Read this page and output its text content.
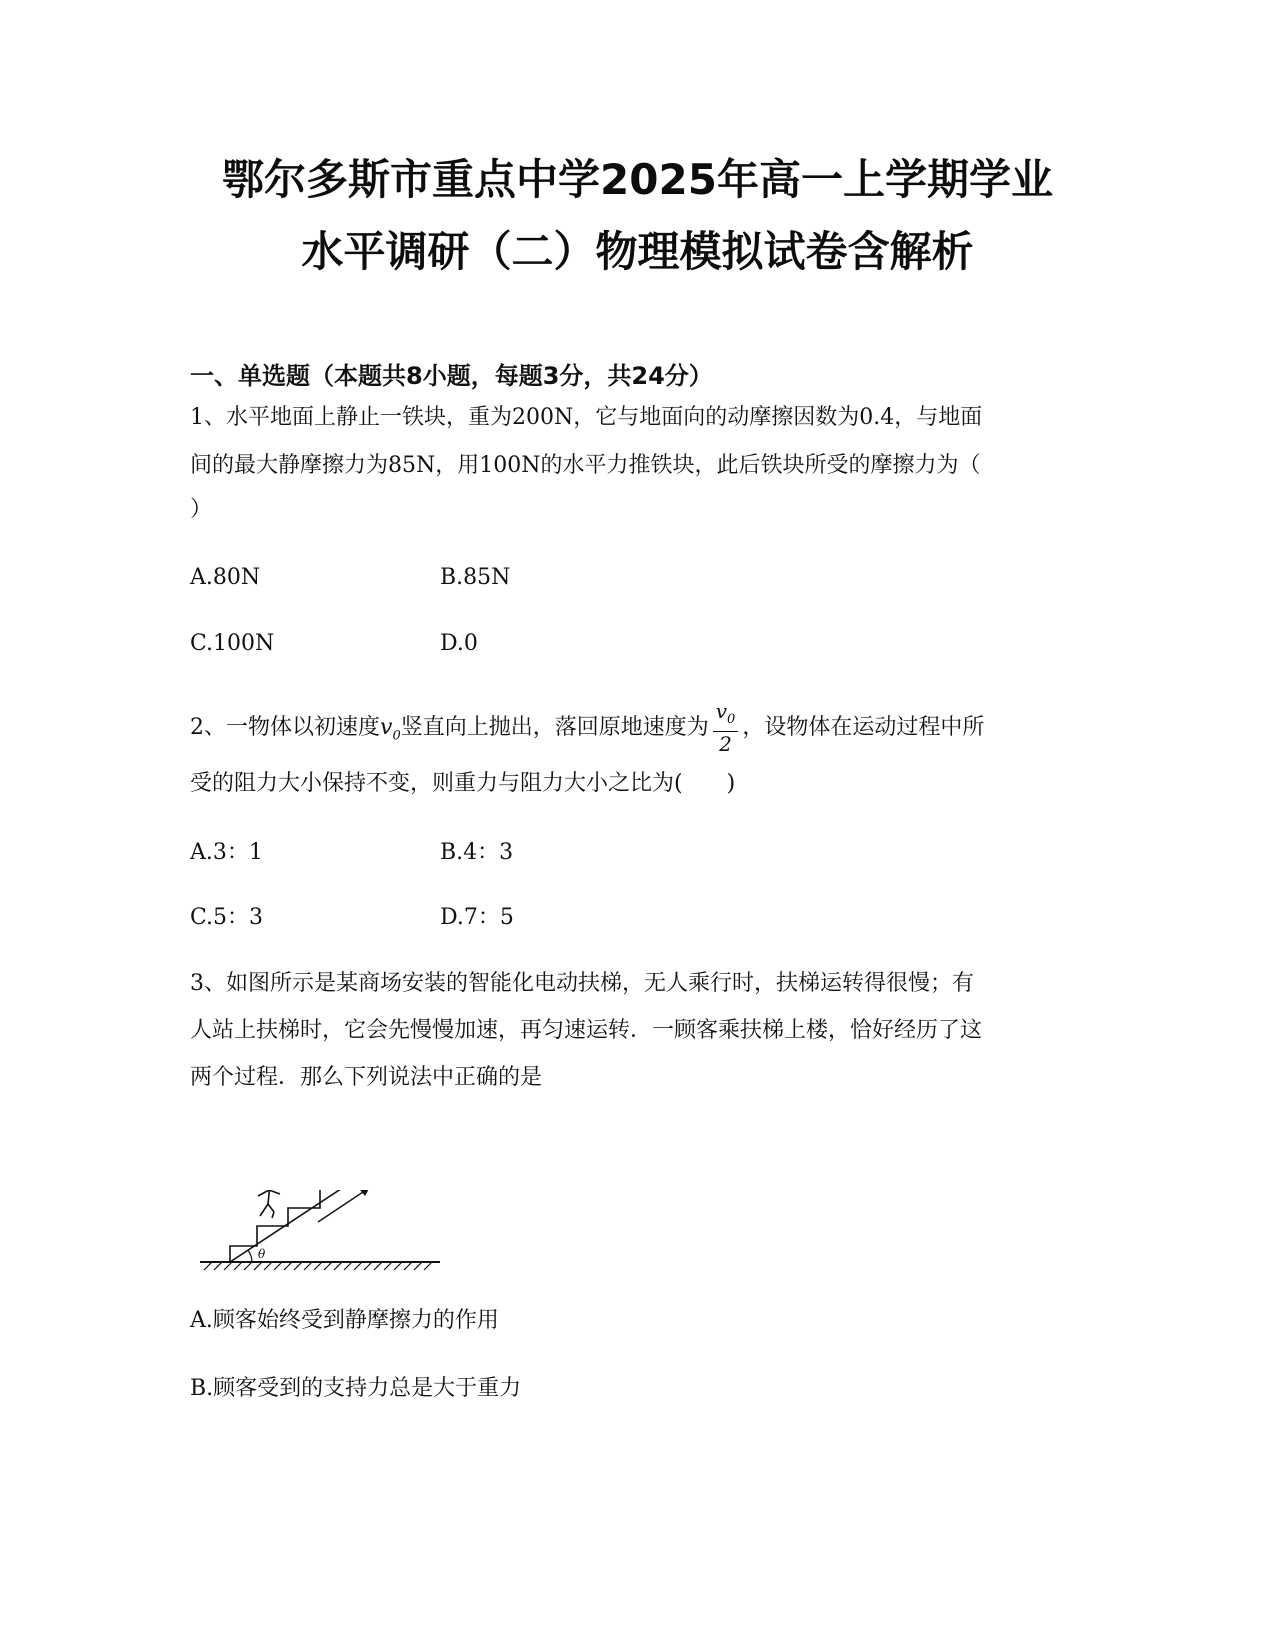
鄂尔多斯市重点中学2025年高一上学期学业
水平调研（二）物理模拟试卷含解析
一、单选题（本题共8小题，每题3分，共24分）
1、水平地面上静止一铁块，重为200N，它与地面向的动摩擦因数为0.4，与地面
间的最大静摩擦力为85N，用100N的水平力推铁块，此后铁块所受的摩擦力为（
）
A.80N	B.85N
C.100N	D.0
2、一物体以初速度$v_0$竖直向上抛出，落回原地速度为 $\frac{v_0}{2}$ ，设物体在运动过程中所
受的阻力大小保持不变，则重力与阻力大小之比为(　　)
A.3：1	B.4：3
C.5：3	D.7：5
3、如图所示是某商场安装的智能化电动扶梯，无人乘行时，扶梯运转得很慢；有
人站上扶梯时，它会先慢慢加速，再匀速运转．一顾客乘扶梯上楼，恰好经历了这
两个过程．那么下列说法中正确的是
θ
A.顾客始终受到静摩擦力的作用
B.顾客受到的支持力总是大于重力
